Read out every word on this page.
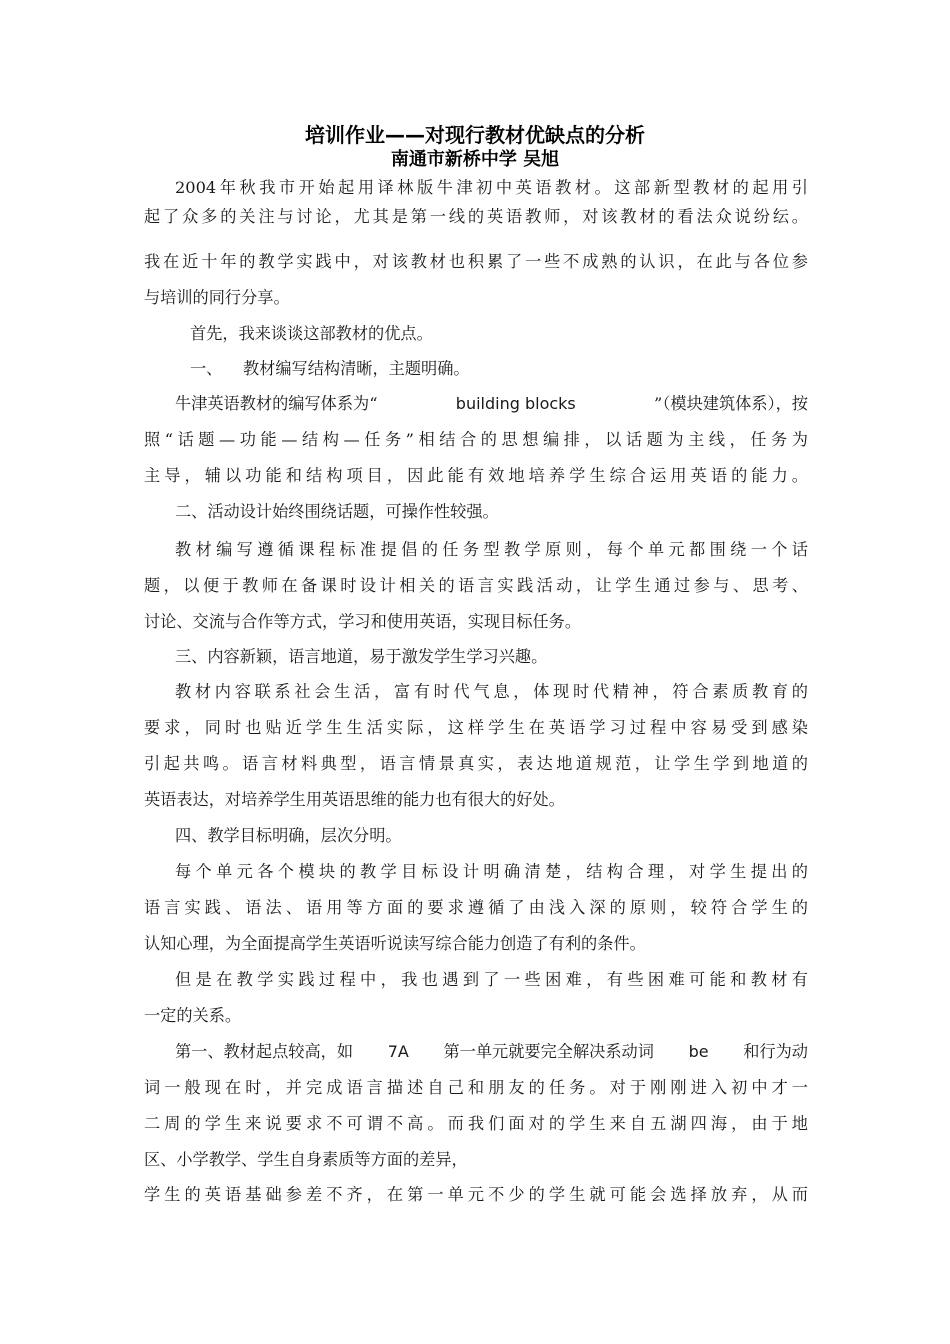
培训作业——对现行教材优缺点的分析
南通市新桥中学 吴旭
2004年秋我市开始起用译林版牛津初中英语教材。这部新型教材的起用引
起了众多的关注与讨论，尤其是第一线的英语教师，对该教材的看法众说纷纭。
我在近十年的教学实践中，对该教材也积累了一些不成熟的认识，在此与各位参
与培训的同行分享。
首先，我来谈谈这部教材的优点。
一、    教材编写结构清晰，主题明确。
牛津英语教材的编写体系为“	building blocks	”（模块建筑体系），按
照“话题—功能—结构—任务”相结合的思想编排，以话题为主线，任务为
主导，辅以功能和结构项目，因此能有效地培养学生综合运用英语的能力。
二、活动设计始终围绕话题，可操作性较强。
教材编写遵循课程标准提倡的任务型教学原则，每个单元都围绕一个话
题，以便于教师在备课时设计相关的语言实践活动，让学生通过参与、思考、
讨论、交流与合作等方式，学习和使用英语，实现目标任务。
三、内容新颖，语言地道，易于激发学生学习兴趣。
教材内容联系社会生活，富有时代气息，体现时代精神，符合素质教育的
要求，同时也贴近学生生活实际，这样学生在英语学习过程中容易受到感染
引起共鸣。语言材料典型，语言情景真实，表达地道规范，让学生学到地道的
英语表达，对培养学生用英语思维的能力也有很大的好处。
四、教学目标明确，层次分明。
每个单元各个模块的教学目标设计明确清楚，结构合理，对学生提出的
语言实践、语法、语用等方面的要求遵循了由浅入深的原则，较符合学生的
认知心理，为全面提高学生英语听说读写综合能力创造了有利的条件。
但是在教学实践过程中，我也遇到了一些困难，有些困难可能和教材有
一定的关系。
第一、教材起点较高，如 7A 第一单元就要完全解决系动词 be 和行为动
词一般现在时，并完成语言描述自己和朋友的任务。对于刚刚进入初中才一
二周的学生来说要求不可谓不高。而我们面对的学生来自五湖四海，由于地
区、小学教学、学生自身素质等方面的差异，
学生的英语基础参差不齐，在第一单元不少的学生就可能会选择放弃，从而
